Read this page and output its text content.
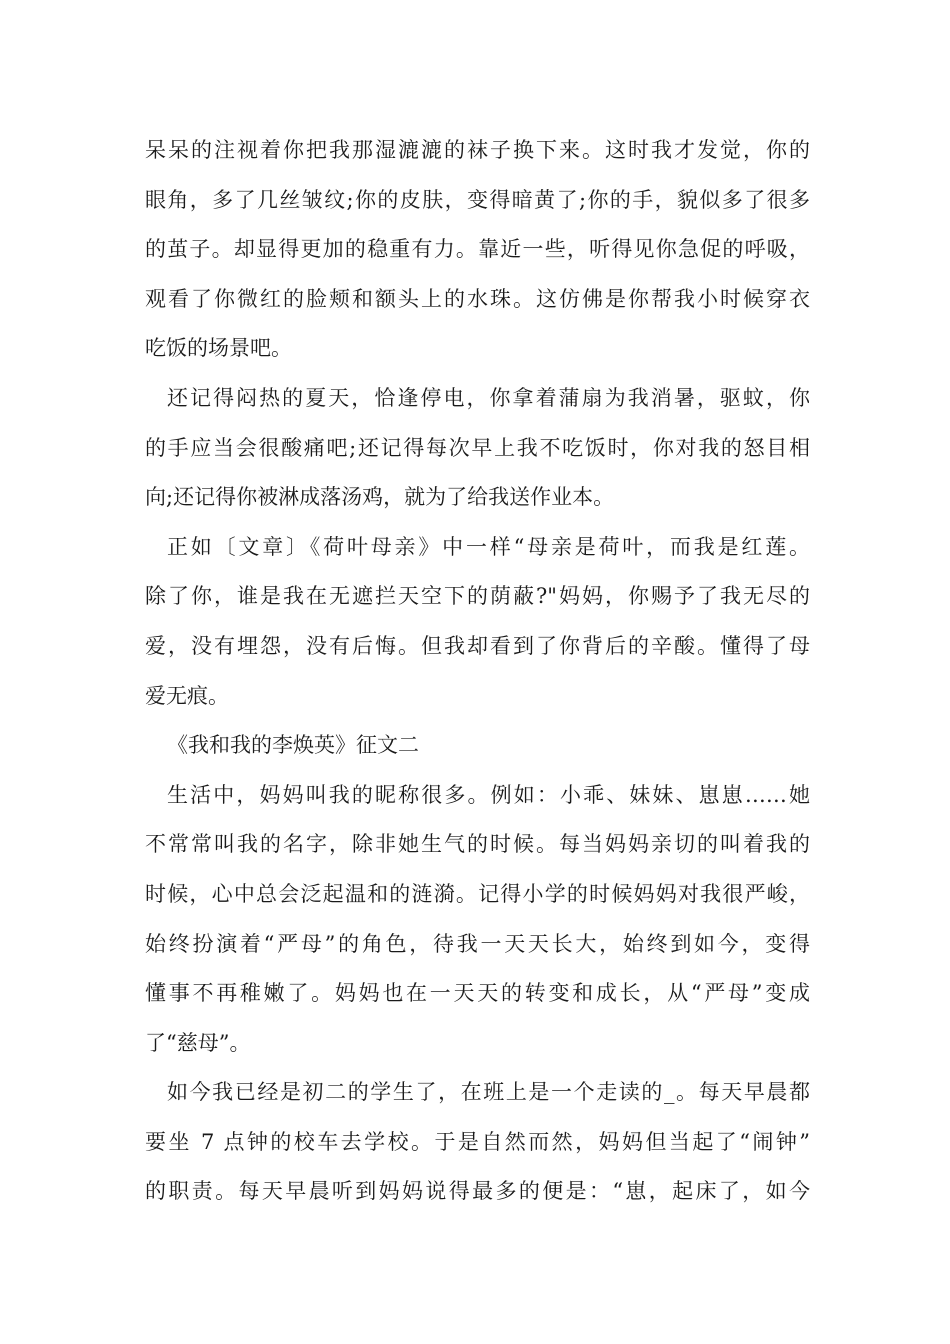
呆呆的注视着你把我那湿漉漉的袜子换下来。这时我才发觉，你的
眼角，多了几丝皱纹;你的皮肤，变得暗黄了;你的手，貌似多了很多
的茧子。却显得更加的稳重有力。靠近一些，听得见你急促的呼吸，
观看了你微红的脸颊和额头上的水珠。这仿佛是你帮我小时候穿衣
吃饭的场景吧。
还记得闷热的夏天，恰逢停电，你拿着蒲扇为我消暑，驱蚊，你
的手应当会很酸痛吧;还记得每次早上我不吃饭时，你对我的怒目相
向;还记得你被淋成落汤鸡，就为了给我送作业本。
正如〔文章〕《荷叶母亲》中一样“母亲是荷叶，而我是红莲。
除了你，谁是我在无遮拦天空下的荫蔽?"妈妈，你赐予了我无尽的
爱，没有埋怨，没有后悔。但我却看到了你背后的辛酸。懂得了母
爱无痕。
《我和我的李焕英》征文二
生活中，妈妈叫我的昵称很多。例如：小乖、妹妹、崽崽……她
不常常叫我的名字，除非她生气的时候。每当妈妈亲切的叫着我的
时候，心中总会泛起温和的涟漪。记得小学的时候妈妈对我很严峻，
始终扮演着“严母”的角色，待我一天天长大，始终到如今，变得
懂事不再稚嫩了。妈妈也在一天天的转变和成长，从“严母”变成
了“慈母”。
如今我已经是初二的学生了，在班上是一个走读的_。每天早晨都
要坐 7 点钟的校车去学校。于是自然而然，妈妈但当起了“闹钟”
的职责。每天早晨听到妈妈说得最多的便是：“崽，起床了，如今
